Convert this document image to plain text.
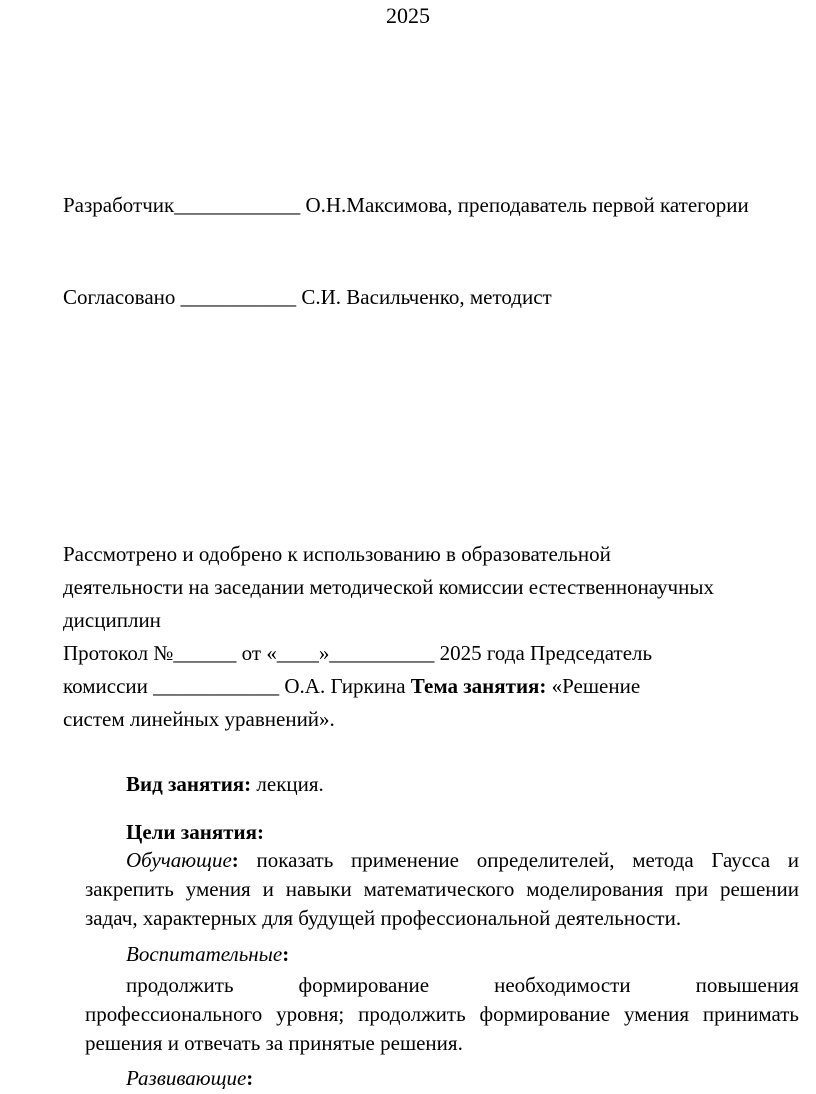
2025
Разработчик____________ О.Н.Максимова, преподаватель первой категории
Согласовано ___________ С.И. Васильченко, методист

Рассмотрено и одобрено к использованию в образовательной

деятельности на заседании методической комиссии естественнонаучных

дисциплин

Протокол №______ от «____»__________ 2025 года Председатель

комиссии ____________ О.А. Гиркина Тема занятия: «Решение

систем линейных уравнений».

Вид занятия: лекция.
Цели занятия:

Обучающие: показать применение определителей, метода Гаусса и закрепить умения и навыки математического моделирования при решении задач, характерных для будущей профессиональной деятельности.

Воспитательные:
продолжить	формирование	необходимости	повышения

профессионального уровня; продолжить формирование умения принимать решения и отвечать за принятые решения.

Развивающие:
